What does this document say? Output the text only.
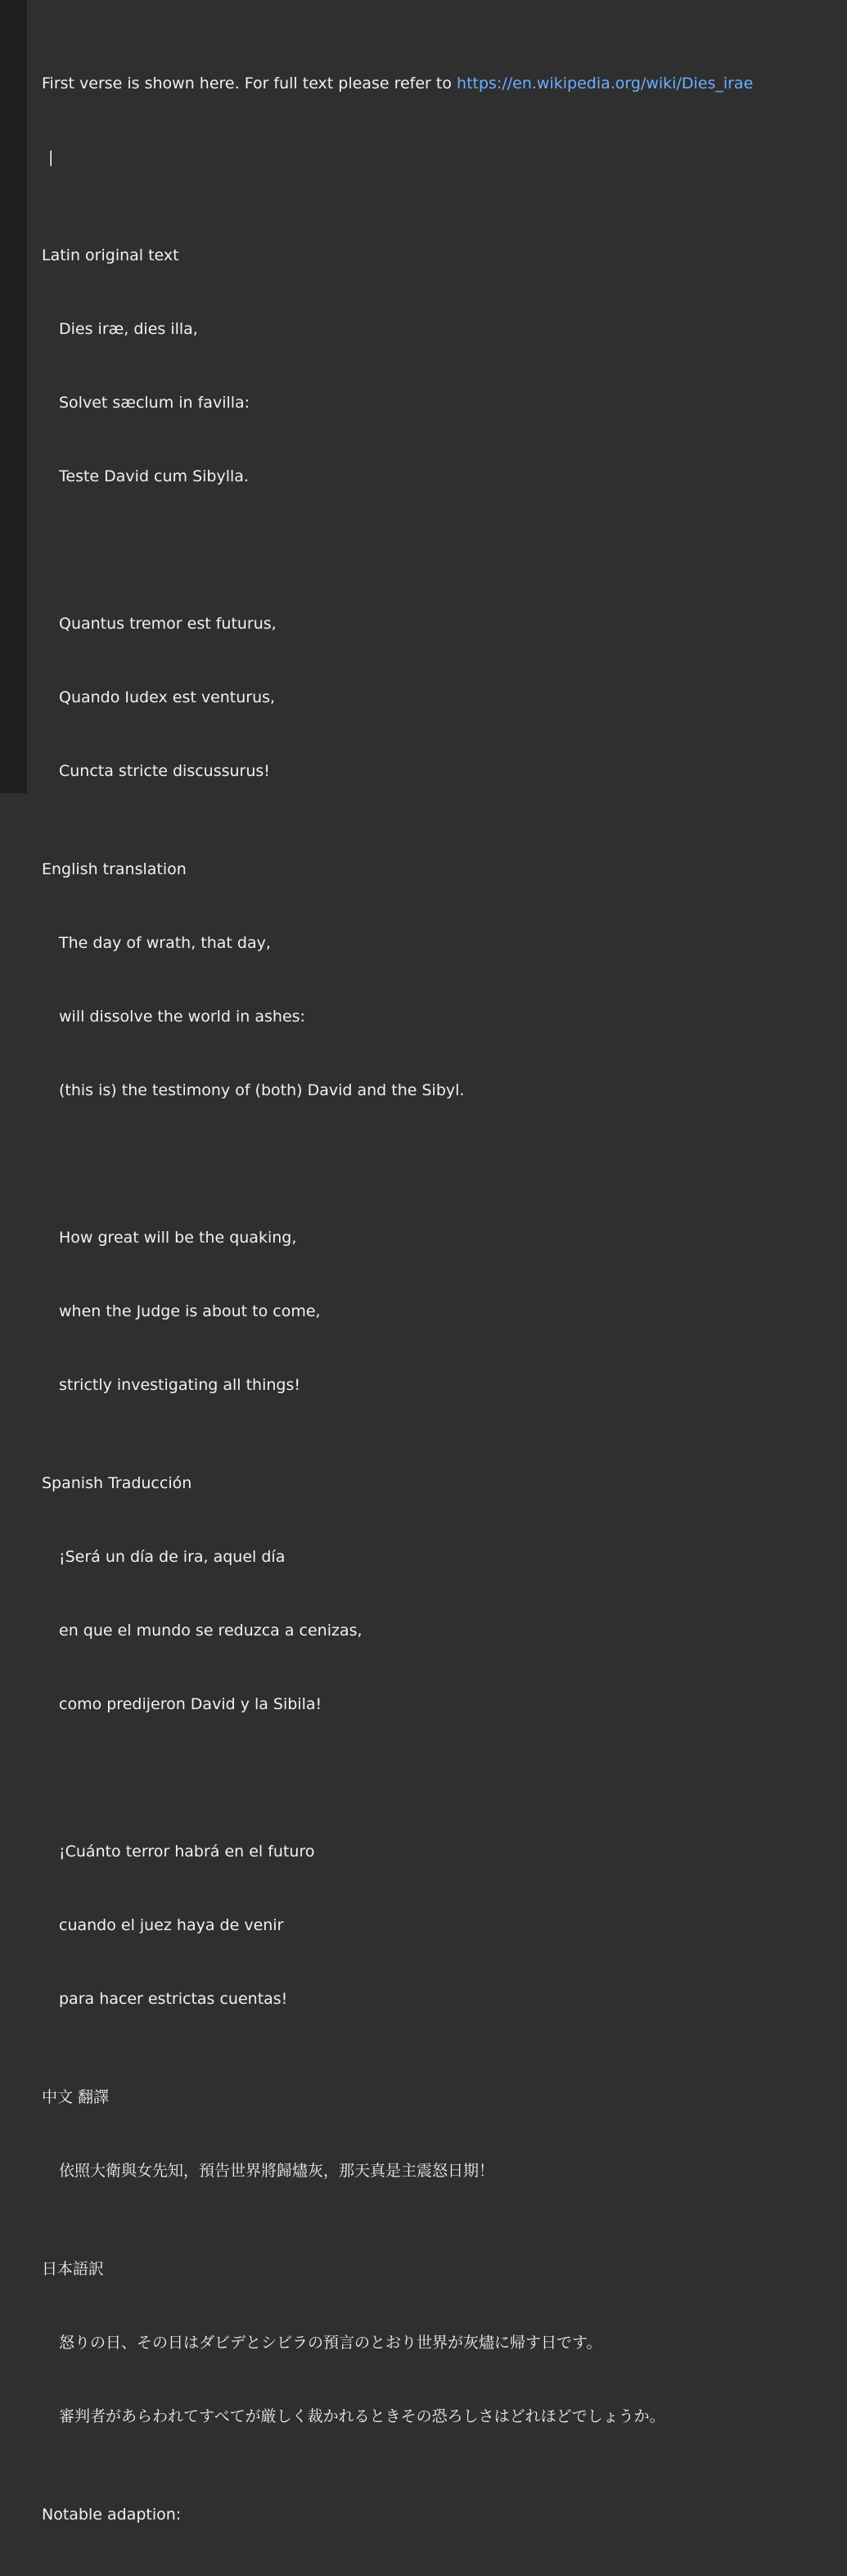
First verse is shown here. For full text please refer to https://en.wikipedia.org/wiki/Dies_irae

|

Latin original text

Dies iræ, dies illa,

Solvet sæclum in favilla:

Teste David cum Sibylla.

Quantus tremor est futurus,

Quando Iudex est venturus,

Cuncta stricte discussurus!

English translation

The day of wrath, that day,

will dissolve the world in ashes:

(this is) the testimony of (both) David and the Sibyl.

How great will be the quaking,

when the Judge is about to come,

strictly investigating all things!

Spanish Traducción

¡Será un día de ira, aquel día

en que el mundo se reduzca a cenizas,

como predijeron David y la Sibila!

¡Cuánto terror habrá en el futuro

cuando el juez haya de venir

para hacer estrictas cuentas!

中文 翻譯

依照大衛與女先知，預告世界將歸燼灰，那天真是主震怒日期！

日本語訳

怒りの日、その日はダビデとシビラの預言のとおり世界が灰燼に帰す日です。

審判者があらわれてすべてが厳しく裁かれるときその恐ろしさはどれほどでしょうか。

Notable adaption:
